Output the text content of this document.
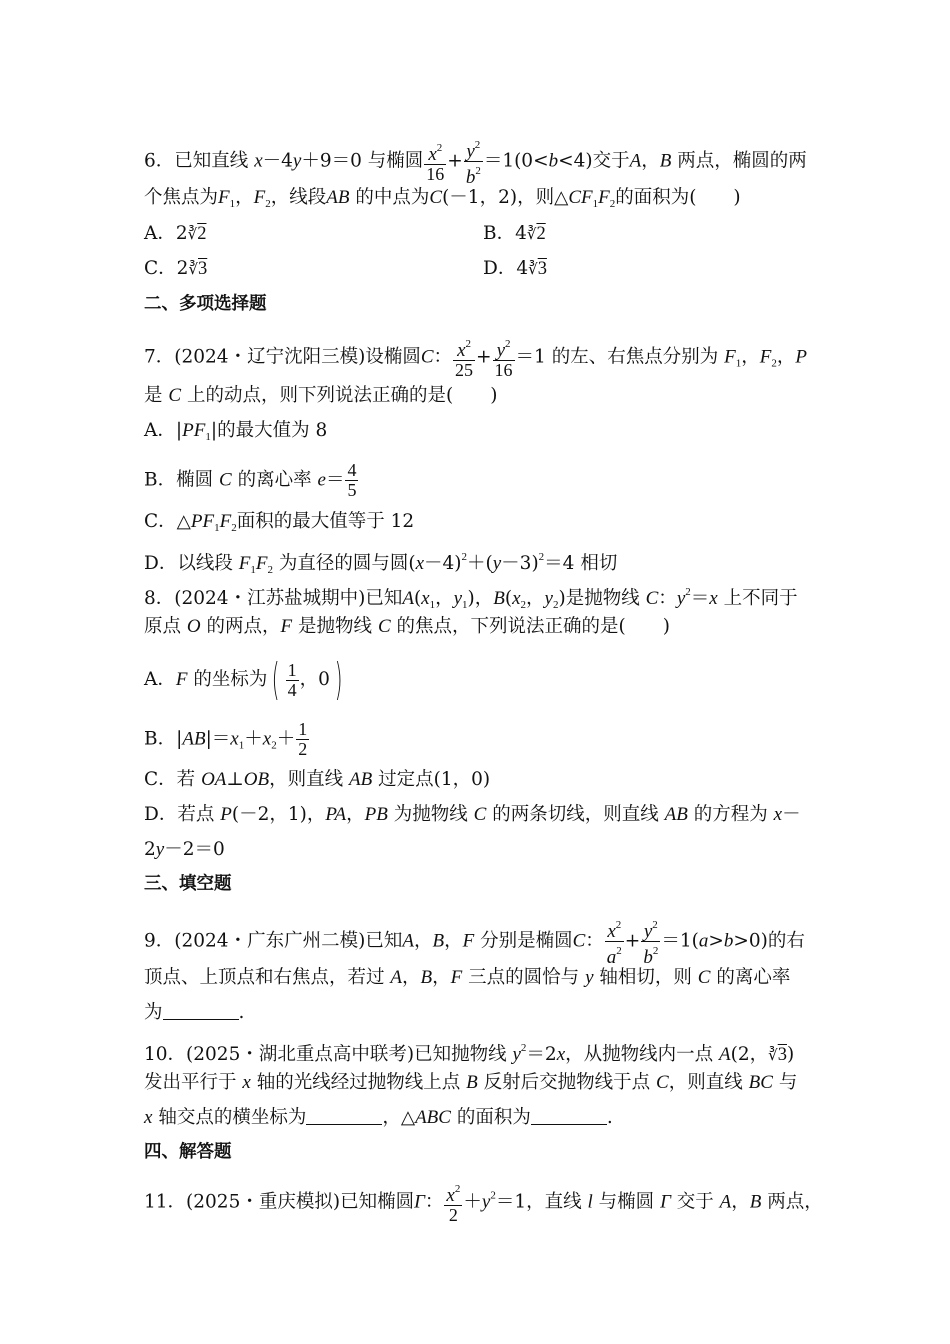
6．已知直线 x－4y＋9＝0 与椭圆 $\frac{x^2}{16} + \frac{y^2}{b^2} =1(0<b<4)$交于A，B 两点，椭圆的两
个焦点为$F_1$，$F_2$，线段AB 的中点为C(－1，2)，则$\triangle CF_1F_2$的面积为(　　)
A．2∛2	B．4∛2
C．2∛3	D．4∛3
二、多项选择题
7．(2024・辽宁沈阳三模)设椭圆C： $\frac{x^2}{25} + \frac{y^2}{16} =1$ 的左、右焦点分别为 $F_1$，$F_2$，P
是 C 上的动点，则下列说法正确的是(　　)
A．$|PF_1|$的最大值为 8
B．椭圆 C 的离心率 $e= \frac{4}{5}$
C．$\triangle PF_1F_2$面积的最大值等于 12
D．以线段 $F_1F_2$ 为直径的圆与圆$(x-4)^2+(y-3)^2=4$ 相切
8．(2024・江苏盐城期中)已知$A(x_1$，$y_1$)，$B(x_2$，$y_2$)是抛物线 C：$y^2=x$ 上不同于
原点 O 的两点，F 是抛物线 C 的焦点，下列说法正确的是(　　)
A．F 的坐标为 ( $\frac{1}{4}$ ，0 )
B．$|AB|=x_1+x_2+ \frac{1}{2}$
C．若 OA⊥OB，则直线 AB 过定点(1，0)
D．若点 P(－2，1)，PA，PB 为抛物线 C 的两条切线，则直线 AB 的方程为 x－
2y－2＝0
三、填空题
9．(2024・广东广州二模)已知A，B，F 分别是椭圆C： $\frac{x^2}{a^2} + \frac{y^2}{b^2} =1(a>b>0)$的右
顶点、上顶点和右焦点，若过 A，B，F 三点的圆恰与 y 轴相切，则 C 的离心率
为	.
10．(2025・湖北重点高中联考)已知抛物线 $y^2=2x$，从抛物线内一点 A(2，∛3)
发出平行于 x 轴的光线经过抛物线上点 B 反射后交抛物线于点 C，则直线 BC 与
x 轴交点的横坐标为	，△ABC 的面积为	.
四、解答题
11．(2025・重庆模拟)已知椭圆Γ： $\frac{x^2}{2} +y^2=1$，直线 l 与椭圆 Γ 交于 A，B 两点，
